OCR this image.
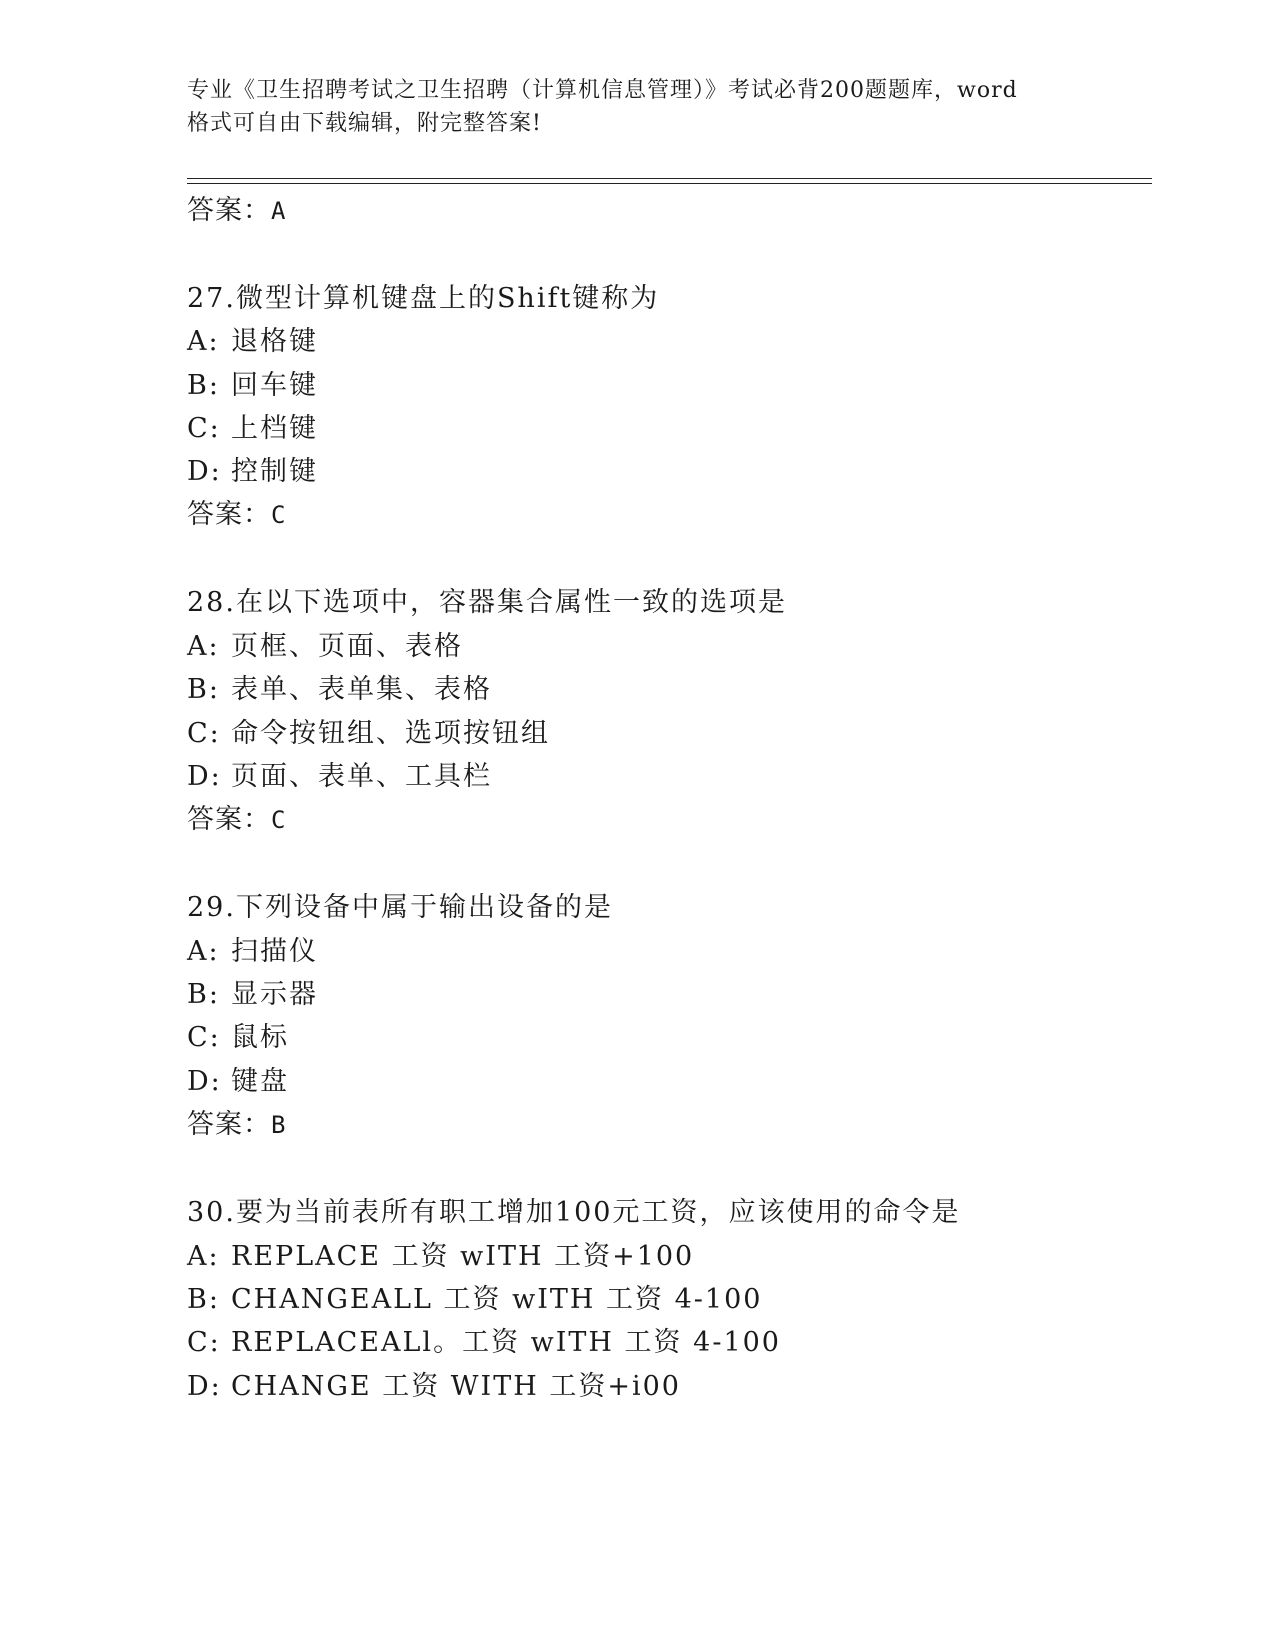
专业《卫生招聘考试之卫生招聘（计算机信息管理）》考试必背200题题库，word
格式可自由下载编辑，附完整答案!
答案：A
27.微型计算机键盘上的Shift键称为
A: 退格键
B: 回车键
C: 上档键
D: 控制键
答案：C
28.在以下选项中，容器集合属性一致的选项是
A: 页框、页面、表格
B: 表单、表单集、表格
C: 命令按钮组、选项按钮组
D: 页面、表单、工具栏
答案：C
29.下列设备中属于输出设备的是
A: 扫描仪
B: 显示器
C: 鼠标
D: 键盘
答案：B
30.要为当前表所有职工增加100元工资，应该使用的命令是
A: REPLACE 工资 wITH 工资+100
B: CHANGEALL 工资 wITH 工资 4-100
C: REPLACEALl。工资 wITH 工资 4-100
D: CHANGE 工资 WITH 工资+i00
